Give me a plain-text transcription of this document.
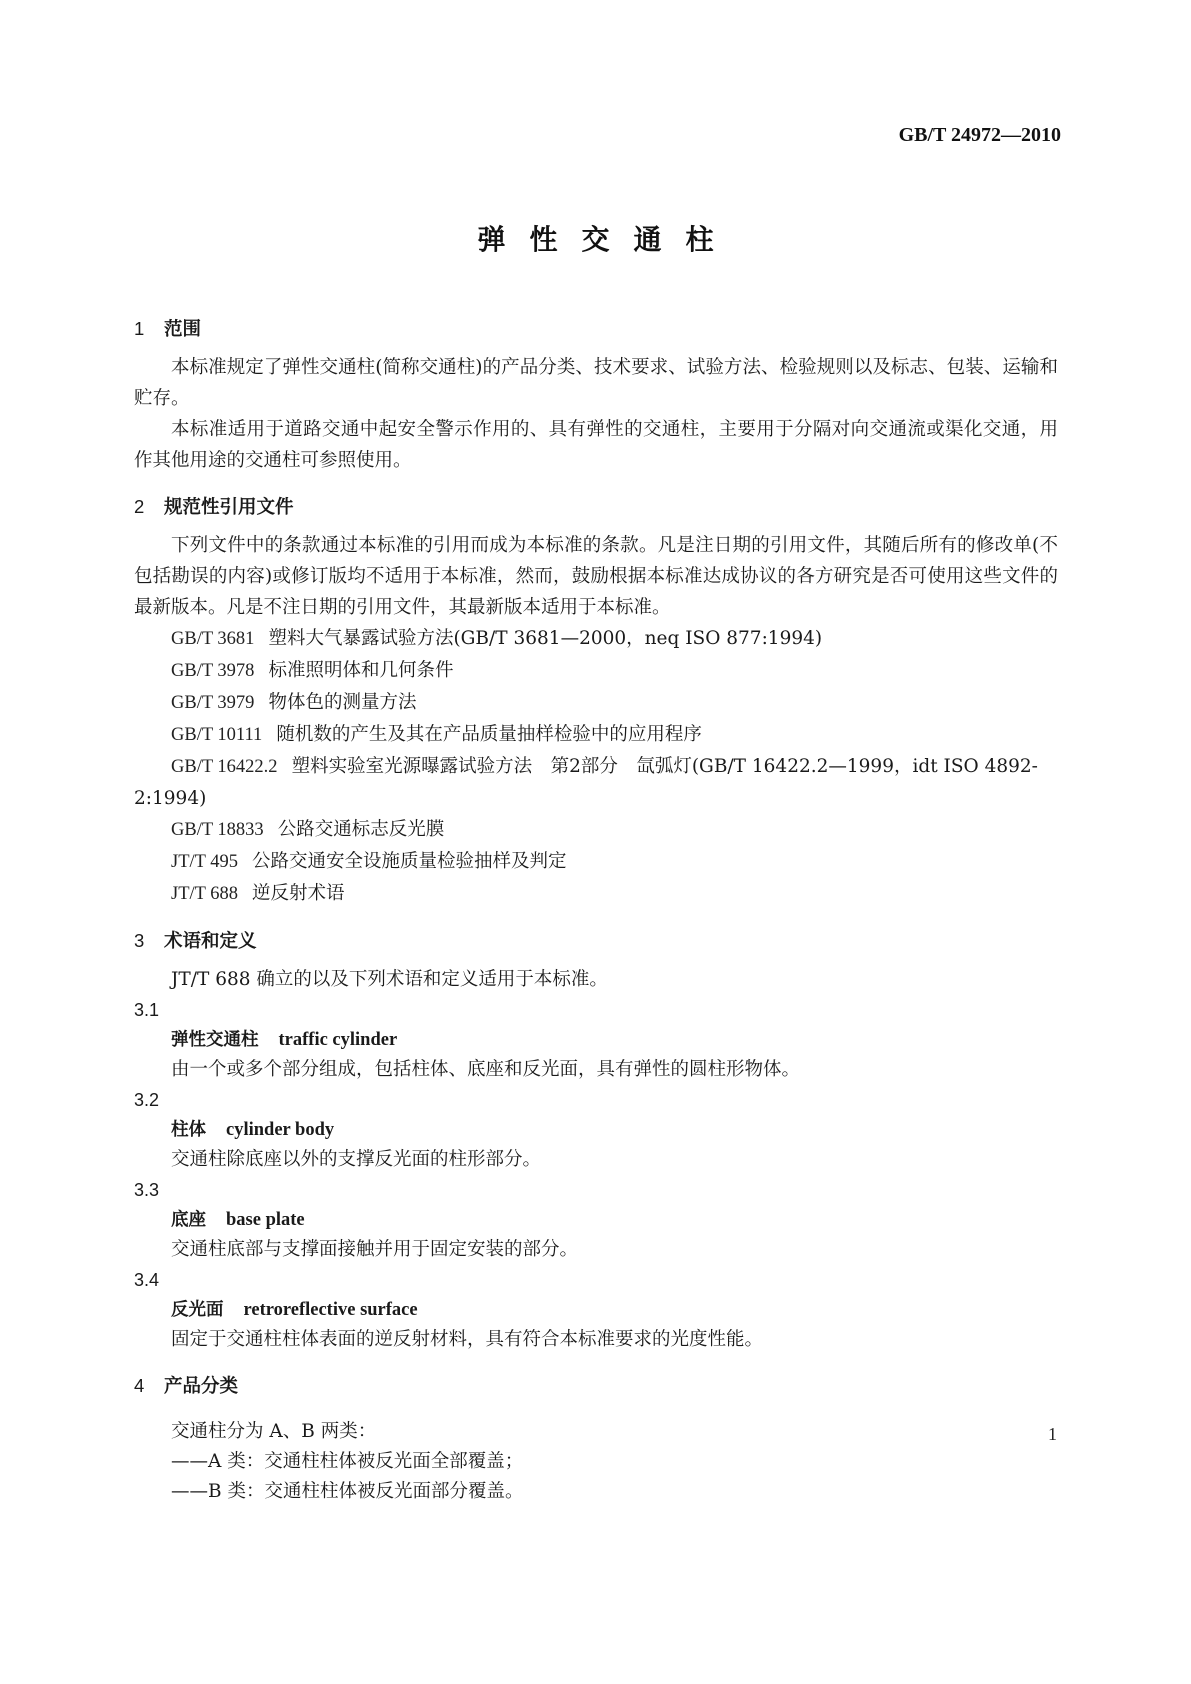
GB/T 24972—2010
弹性交通柱
1 范围

本标准规定了弹性交通柱(简称交通柱)的产品分类、技术要求、试验方法、检验规则以及标志、包装、运输和贮存。

本标准适用于道路交通中起安全警示作用的、具有弹性的交通柱，主要用于分隔对向交通流或渠化交通，用作其他用途的交通柱可参照使用。

2 规范性引用文件

下列文件中的条款通过本标准的引用而成为本标准的条款。凡是注日期的引用文件，其随后所有的修改单(不包括勘误的内容)或修订版均不适用于本标准，然而，鼓励根据本标准达成协议的各方研究是否可使用这些文件的最新版本。凡是不注日期的引用文件，其最新版本适用于本标准。

GB/T 3681 塑料大气暴露试验方法(GB/T 3681—2000，neq ISO 877:1994)

GB/T 3978 标准照明体和几何条件

GB/T 3979 物体色的测量方法

GB/T 10111 随机数的产生及其在产品质量抽样检验中的应用程序

GB/T 16422.2 塑料实验室光源曝露试验方法　第2部分　氙弧灯(GB/T 16422.2—1999，idt ISO 4892-2:1994)

GB/T 18833 公路交通标志反光膜

JT/T 495 公路交通安全设施质量检验抽样及判定

JT/T 688 逆反射术语

3 术语和定义

JT/T 688 确立的以及下列术语和定义适用于本标准。

3.1

弹性交通柱 traffic cylinder

由一个或多个部分组成，包括柱体、底座和反光面，具有弹性的圆柱形物体。

3.2

柱体 cylinder body

交通柱除底座以外的支撑反光面的柱形部分。

3.3

底座 base plate

交通柱底部与支撑面接触并用于固定安装的部分。

3.4

反光面 retroreflective surface

固定于交通柱柱体表面的逆反射材料，具有符合本标准要求的光度性能。

4 产品分类

交通柱分为 A、B 两类：

——A 类：交通柱柱体被反光面全部覆盖；

——B 类：交通柱柱体被反光面部分覆盖。

1
